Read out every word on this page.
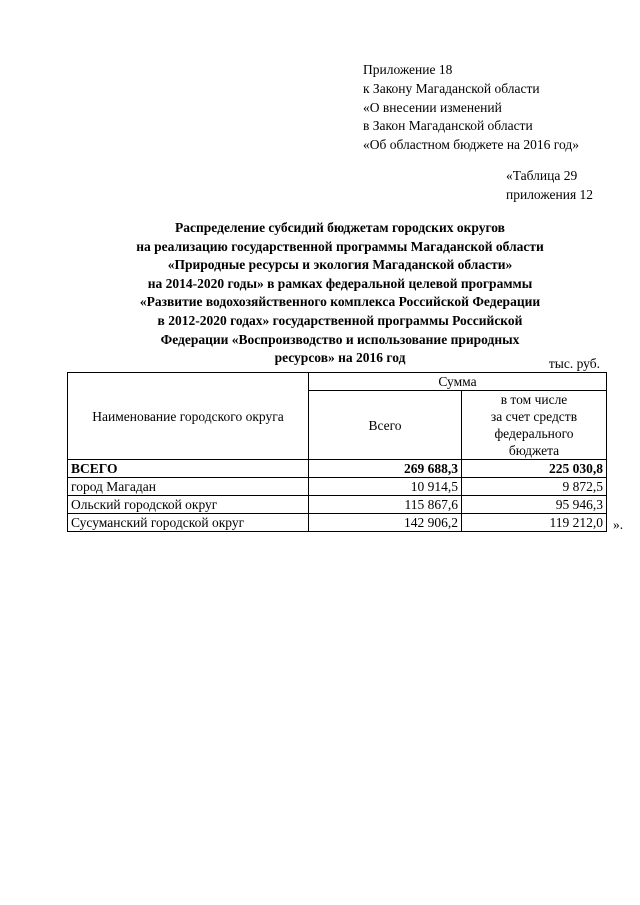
Приложение 18
к Закону Магаданской области
«О внесении изменений
в Закон Магаданской области
«Об областном бюджете на 2016 год»
«Таблица 29
приложения 12
Распределение субсидий бюджетам городских округов
на реализацию государственной программы Магаданской области
«Природные ресурсы и экология Магаданской области»
на 2014-2020 годы» в рамках федеральной целевой программы
«Развитие водохозяйственного комплекса Российской Федерации
в 2012-2020 годах» государственной программы Российской
Федерации «Воспроизводство и использование природных
ресурсов» на 2016 год	тыс. руб.
Наименование городского округа	Сумма	
	Всего	в том числе
за счет средств
федерального
бюджета

ВСЕГО	269 688,3	225 030,8
город Магадан	10 914,5	9 872,5
Ольский городской округ	115 867,6	95 946,3
Сусуманский городской округ	142 906,2	119 212,0 ».
